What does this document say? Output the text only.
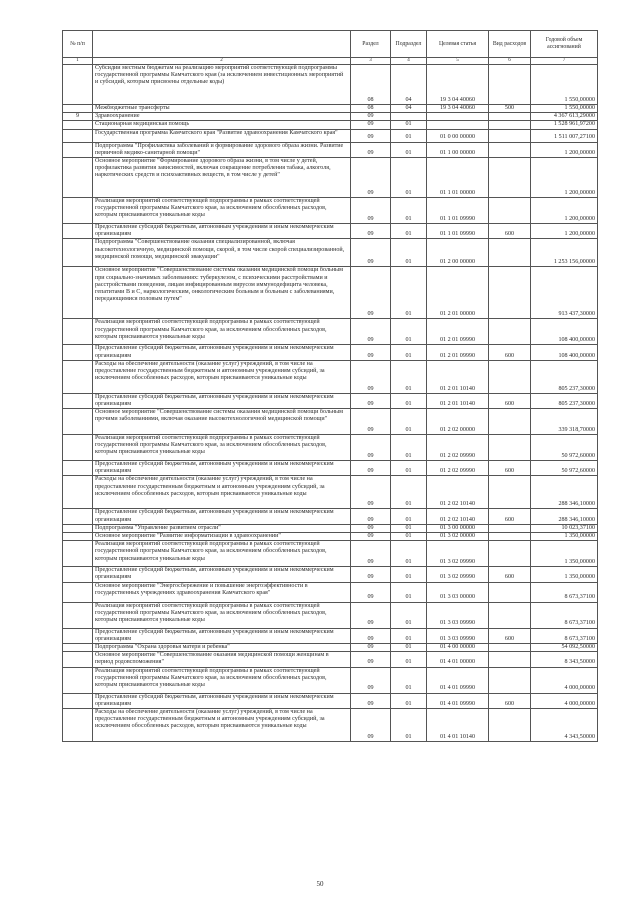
№ п/п		Раздел	Подраздел	Целевая статья	Вид расходов	Годовой объем ассигнований
1	2	3	4	5	6	7
	Субсидии местным бюджетам на реализацию мероприятий соответствующей подпрограммы государственной программы Камчатского края (за исключением инвестиционных мероприятий и субсидий, которым присвоены отдельные коды)	08	04	19 3 04 40060		1 550,00000
	Межбюджетные трансферты	08	04	19 3 04 40060	500	1 550,00000
9	Здравоохранение	09				4 367 613,29000
	Стационарная медицинская помощь	09	01			1 528 961,97200
	Государственная программа Камчатского края "Развитие здравоохранения Камчатского края"	09	01	01 0 00 00000		1 511 007,27100
	Подпрограмма "Профилактика заболеваний и формирование здорового образа жизни. Развитие первичной медико-санитарной помощи"	09	01	01 1 00 00000		1 200,00000
	Основное мероприятие "Формирование здорового образа жизни, в том числе у детей, профилактика развития зависимостей, включая сокращение потребления табака, алкоголя, наркотических средств и психоактивных веществ, в том числе у детей"	09	01	01 1 01 00000		1 200,00000
	Реализация мероприятий соответствующей подпрограммы в рамках соответствующей государственной программы Камчатского края, за исключением обособленных расходов, которым присваиваются уникальные коды	09	01	01 1 01 09990		1 200,00000
	Предоставление субсидий бюджетным, автономным учреждениям и иным некоммерческим организациям	09	01	01 1 01 09990	600	1 200,00000
	Подпрограмма "Совершенствование оказания специализированной, включая высокотехнологичную, медицинской помощи, скорой, в том числе скорой специализированной, медицинской помощи, медицинской эвакуации"	09	01	01 2 00 00000		1 253 156,00000
	Основное мероприятие "Совершенствование системы оказания медицинской помощи больным при социально-значимых заболеваниях: туберкулезом, с психическими расстройствами и расстройствами поведения, лицам инфицированным вирусом иммунодефицита человека, гепатитами B и C, наркологическим, онкологическим больным и больным с заболеваниями, передающимися половым путем"	09	01	01 2 01 00000		913 437,30000
	Реализация мероприятий соответствующей подпрограммы в рамках соответствующей государственной программы Камчатского края, за исключением обособленных расходов, которым присваиваются уникальные коды	09	01	01 2 01 09990		108 400,00000
	Предоставление субсидий бюджетным, автономным учреждениям и иным некоммерческим организациям	09	01	01 2 01 09990	600	108 400,00000
	Расходы на обеспечение деятельности (оказание услуг) учреждений, в том числе на предоставление государственным бюджетным и автономным учреждениям субсидий, за исключением обособленных расходов, которым присваиваются уникальные коды	09	01	01 2 01 10140		805 237,30000
	Предоставление субсидий бюджетным, автономным учреждениям и иным некоммерческим организациям	09	01	01 2 01 10140	600	805 237,30000
	Основное мероприятие "Совершенствование системы оказания медицинской помощи больным прочими заболеваниями, включая оказание высокотехнологичной медицинской помощи"	09	01	01 2 02 00000		339 318,70000
	Реализация мероприятий соответствующей подпрограммы в рамках соответствующей государственной программы Камчатского края, за исключением обособленных расходов, которым присваиваются уникальные коды	09	01	01 2 02 09990		50 972,60000
	Предоставление субсидий бюджетным, автономным учреждениям и иным некоммерческим организациям	09	01	01 2 02 09990	600	50 972,60000
	Расходы на обеспечение деятельности (оказание услуг) учреждений, в том числе на предоставление государственным бюджетным и автономным учреждениям субсидий, за исключением обособленных расходов, которым присваиваются уникальные коды	09	01	01 2 02 10140		288 346,10000
	Предоставление субсидий бюджетным, автономным учреждениям и иным некоммерческим организациям	09	01	01 2 02 10140	600	288 346,10000
	Подпрограмма "Управление развитием отрасли"	09	01	01 3 00 00000		10 023,37100
	Основное мероприятие "Развитие информатизации в здравоохранении"	09	01	01 3 02 00000		1 350,00000
	Реализация мероприятий соответствующей подпрограммы в рамках соответствующей государственной программы Камчатского края, за исключением обособленных расходов, которым присваиваются уникальные коды	09	01	01 3 02 09990		1 350,00000
	Предоставление субсидий бюджетным, автономным учреждениям и иным некоммерческим организациям	09	01	01 3 02 09990	600	1 350,00000
	Основное мероприятие "Энергосбережение и повышение энергоэффективности в государственных учреждениях здравоохранения Камчатского края"	09	01	01 3 03 00000		8 673,37100
	Реализация мероприятий соответствующей подпрограммы в рамках соответствующей государственной программы Камчатского края, за исключением обособленных расходов, которым присваиваются уникальные коды	09	01	01 3 03 09990		8 673,37100
	Предоставление субсидий бюджетным, автономным учреждениям и иным некоммерческим организациям	09	01	01 3 03 09990	600	8 673,37100
	Подпрограмма "Охрана здоровья матери и ребенка"	09	01	01 4 00 00000		54 092,50000
	Основное мероприятие "Совершенствование оказания медицинской помощи женщинам в период родовспоможения"	09	01	01 4 01 00000		8 343,50000
	Реализация мероприятий соответствующей подпрограммы в рамках соответствующей государственной программы Камчатского края, за исключением обособленных расходов, которым присваиваются уникальные коды	09	01	01 4 01 09990		4 000,00000
	Предоставление субсидий бюджетным, автономным учреждениям и иным некоммерческим организациям	09	01	01 4 01 09990	600	4 000,00000
	Расходы на обеспечение деятельности (оказание услуг) учреждений, в том числе на предоставление государственным бюджетным и автономным учреждениям субсидий, за исключением обособленных расходов, которым присваиваются уникальные коды	09	01	01 4 01 10140		4 343,50000
50
